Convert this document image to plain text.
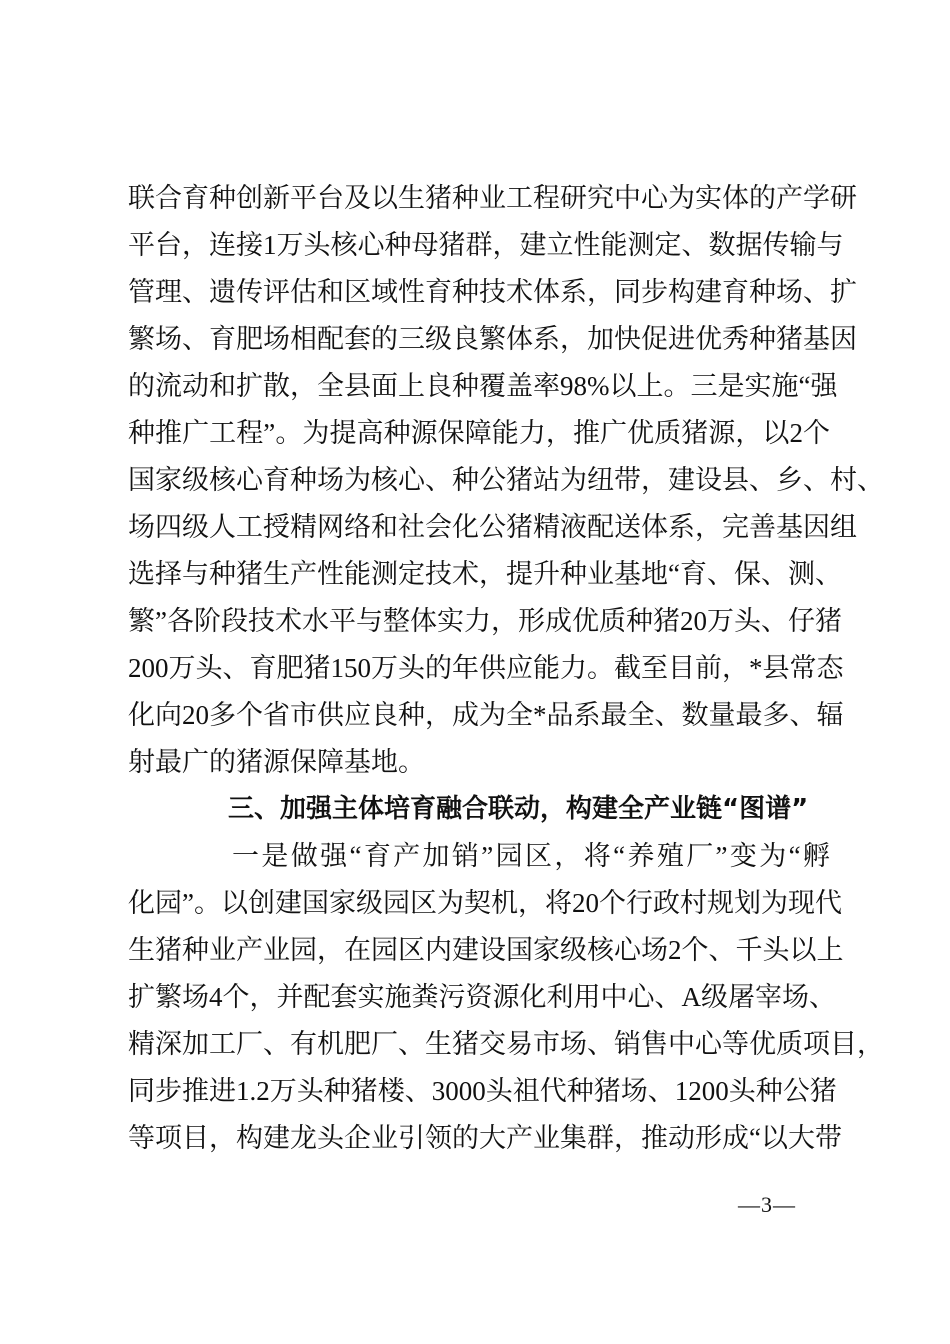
联合育种创新平台及以生猪种业工程研究中心为实体的产学研
平台，连接1万头核心种母猪群，建立性能测定、数据传输与
管理、遗传评估和区域性育种技术体系，同步构建育种场、扩
繁场、育肥场相配套的三级良繁体系，加快促进优秀种猪基因
的流动和扩散，全县面上良种覆盖率98%以上。三是实施“强
种推广工程”。为提高种源保障能力，推广优质猪源，以2个
国家级核心育种场为核心、种公猪站为纽带，建设县、乡、村、
场四级人工授精网络和社会化公猪精液配送体系，完善基因组
选择与种猪生产性能测定技术，提升种业基地“育、保、测、
繁”各阶段技术水平与整体实力，形成优质种猪20万头、仔猪
200万头、育肥猪150万头的年供应能力。截至目前，*县常态
化向20多个省市供应良种，成为全*品系最全、数量最多、辐
射最广的猪源保障基地。
三、加强主体培育融合联动，构建全产业链“图谱”
一是做强“育产加销”园区，将“养殖厂”变为“孵
化园”。以创建国家级园区为契机，将20个行政村规划为现代
生猪种业产业园，在园区内建设国家级核心场2个、千头以上
扩繁场4个，并配套实施粪污资源化利用中心、A级屠宰场、
精深加工厂、有机肥厂、生猪交易市场、销售中心等优质项目，
同步推进1.2万头种猪楼、3000头祖代种猪场、1200头种公猪
等项目，构建龙头企业引领的大产业集群，推动形成“以大带
—3—
